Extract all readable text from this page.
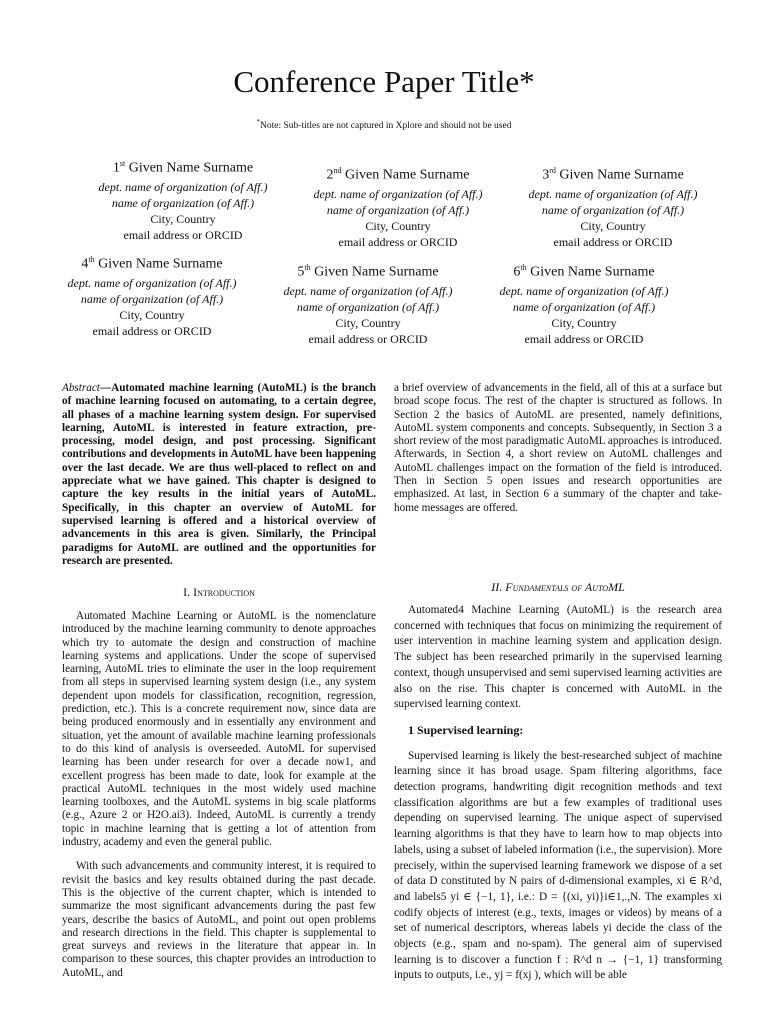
Conference Paper Title*
*Note: Sub-titles are not captured in Xplore and should not be used
1st Given Name Surname
dept. name of organization (of Aff.)
name of organization (of Aff.)
City, Country
email address or ORCID
2nd Given Name Surname
dept. name of organization (of Aff.)
name of organization (of Aff.)
City, Country
email address or ORCID
3rd Given Name Surname
dept. name of organization (of Aff.)
name of organization (of Aff.)
City, Country
email address or ORCID
4th Given Name Surname
dept. name of organization (of Aff.)
name of organization (of Aff.)
City, Country
email address or ORCID
5th Given Name Surname
dept. name of organization (of Aff.)
name of organization (of Aff.)
City, Country
email address or ORCID
6th Given Name Surname
dept. name of organization (of Aff.)
name of organization (of Aff.)
City, Country
email address or ORCID

Abstract—Automated machine learning (AutoML) is the branch of machine learning focused on automating, to a certain degree, all phases of a machine learning system design. For supervised learning, AutoML is interested in feature extraction, pre-processing, model design, and post processing. Significant contributions and developments in AutoML have been happening over the last decade. We are thus well-placed to reflect on and appreciate what we have gained. This chapter is designed to capture the key results in the initial years of AutoML. Specifically, in this chapter an overview of AutoML for supervised learning is offered and a historical overview of advancements in this area is given. Similarly, the Principal paradigms for AutoML are outlined and the opportunities for research are presented.

a brief overview of advancements in the field, all of this at a surface but broad scope focus. The rest of the chapter is structured as follows. In Section 2 the basics of AutoML are presented, namely definitions, AutoML system components and concepts. Subsequently, in Section 3 a short review of the most paradigmatic AutoML approaches is introduced. Afterwards, in Section 4, a short review on AutoML challenges and AutoML challenges impact on the formation of the field is introduced. Then in Section 5 open issues and research opportunities are emphasized. At last, in Section 6 a summary of the chapter and take-home messages are offered.

I. Introduction	II. Fundamentals of AutoML

Automated Machine Learning or AutoML is the nomenclature introduced by the machine learning community to denote approaches which try to automate the design and construction of machine learning systems and applications. Under the scope of supervised learning, AutoML tries to eliminate the user in the loop requirement from all steps in supervised learning system design (i.e., any system dependent upon models for classification, recognition, regression, prediction, etc.). This is a concrete requirement now, since data are being produced enormously and in essentially any environment and situation, yet the amount of available machine learning professionals to do this kind of analysis is overseeded. AutoML for supervised learning has been under research for over a decade now1, and excellent progress has been made to date, look for example at the practical AutoML techniques in the most widely used machine learning toolboxes, and the AutoML systems in big scale platforms (e.g., Azure 2 or H2O.ai3). Indeed, AutoML is currently a trendy topic in machine learning that is getting a lot of attention from industry, academy and even the general public.

With such advancements and community interest, it is required to revisit the basics and key results obtained during the past decade. This is the objective of the current chapter, which is intended to summarize the most significant advancements during the past few years, describe the basics of AutoML, and point out open problems and research directions in the field. This chapter is supplemental to great surveys and reviews in the literature that appear in. In comparison to these sources, this chapter provides an introduction to AutoML, and

Automated4 Machine Learning (AutoML) is the research area concerned with techniques that focus on minimizing the requirement of user intervention in machine learning system and application design. The subject has been researched primarily in the supervised learning context, though unsupervised and semi supervised learning activities are also on the rise. This chapter is concerned with AutoML in the supervised learning context.

1 Supervised learning:

Supervised learning is likely the best-researched subject of machine learning since it has broad usage. Spam filtering algorithms, face detection programs, handwriting digit recognition methods and text classification algorithms are but a few examples of traditional uses depending on supervised learning. The unique aspect of supervised learning algorithms is that they have to learn how to map objects into labels, using a subset of labeled information (i.e., the supervision). More precisely, within the supervised learning framework we dispose of a set of data D constituted by N pairs of d-dimensional examples, xi ∈ R^d, and labels5 yi ∈ {−1, 1}, i.e.: D = {(xi, yi)}i∈1,.,N. The examples xi codify objects of interest (e.g., texts, images or videos) by means of a set of numerical descriptors, whereas labels yi decide the class of the objects (e.g., spam and no-spam). The general aim of supervised learning is to discover a function f : R^d n → {−1, 1} transforming inputs to outputs, i.e., yj = f(xj ), which will be able
